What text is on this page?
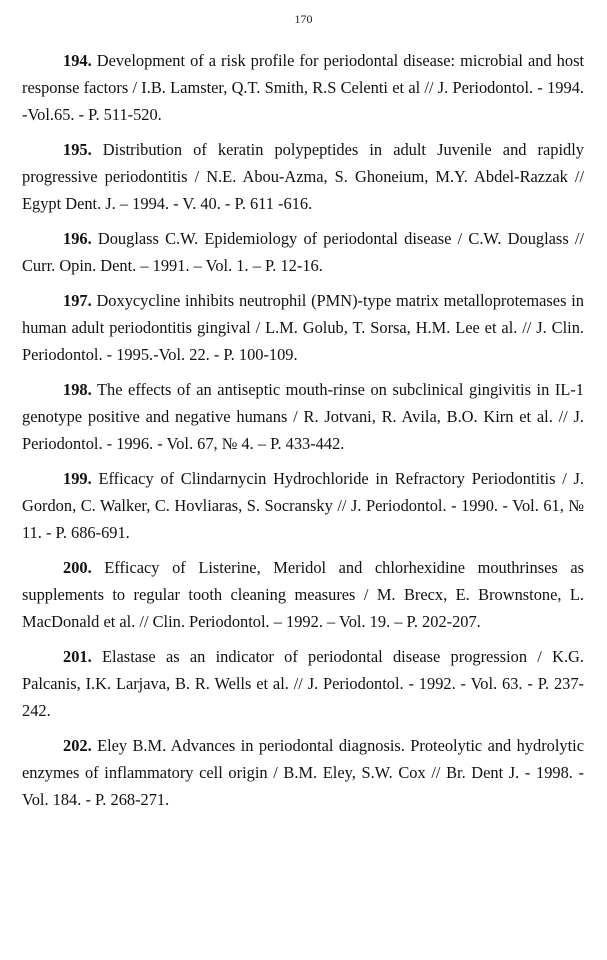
170

194. Development of a risk profile for periodontal disease: microbial and host response factors / I.B. Lamster, Q.T. Smith, R.S Celenti et al // J. Periodontol. - 1994. -Vol.65. - P. 511-520.

195. Distribution of keratin polypeptides in adult Juvenile and rapidly progressive periodontitis / N.E. Abou-Azma, S. Ghoneium, M.Y. Abdel-Razzak // Egypt Dent. J. – 1994. - V. 40. - P. 611 -616.

196. Douglass C.W. Epidemiology of periodontal disease / C.W. Douglass // Curr. Opin. Dent. – 1991. – Vol. 1. – P. 12-16.

197. Doxycycline inhibits neutrophil (PMN)-type matrix metalloprotemases in human adult periodontitis gingival / L.M. Golub, T. Sorsa, H.M. Lee et al. // J. Clin. Periodontol. - 1995.-Vol. 22. - P. 100-109.

198. The effects of an antiseptic mouth-rinse on subclinical gingivitis in IL-1 genotype positive and negative humans / R. Jotvani, R. Avila, B.O. Kirn et al. // J. Periodontol. - 1996. - Vol. 67, № 4. – P. 433-442.

199. Efficacy of Clindarnycin Hydrochloride in Refractory Periodontitis / J. Gordon, C. Walker, C. Hovliaras, S. Socransky // J. Periodontol. - 1990. - Vol. 61, № 11. - P. 686-691.

200. Efficacy of Listerine, Meridol and chlorhexidine mouthrinses as supplements to regular tooth cleaning measures / M. Brecx, E. Brownstone, L. MacDonald et al. // Clin. Periodontol. – 1992. – Vol. 19. – P. 202-207.

201. Elastase as an indicator of periodontal disease progression / K.G. Palcanis, I.K. Larjava, B. R. Wells et al. // J. Periodontol. - 1992. - Vol. 63. - P. 237-242.

202. Eley B.M. Advances in periodontal diagnosis. Proteolytic and hydrolytic enzymes of inflammatory cell origin / B.M. Eley, S.W. Cox // Br. Dent J. - 1998. - Vol. 184. - P. 268-271.
